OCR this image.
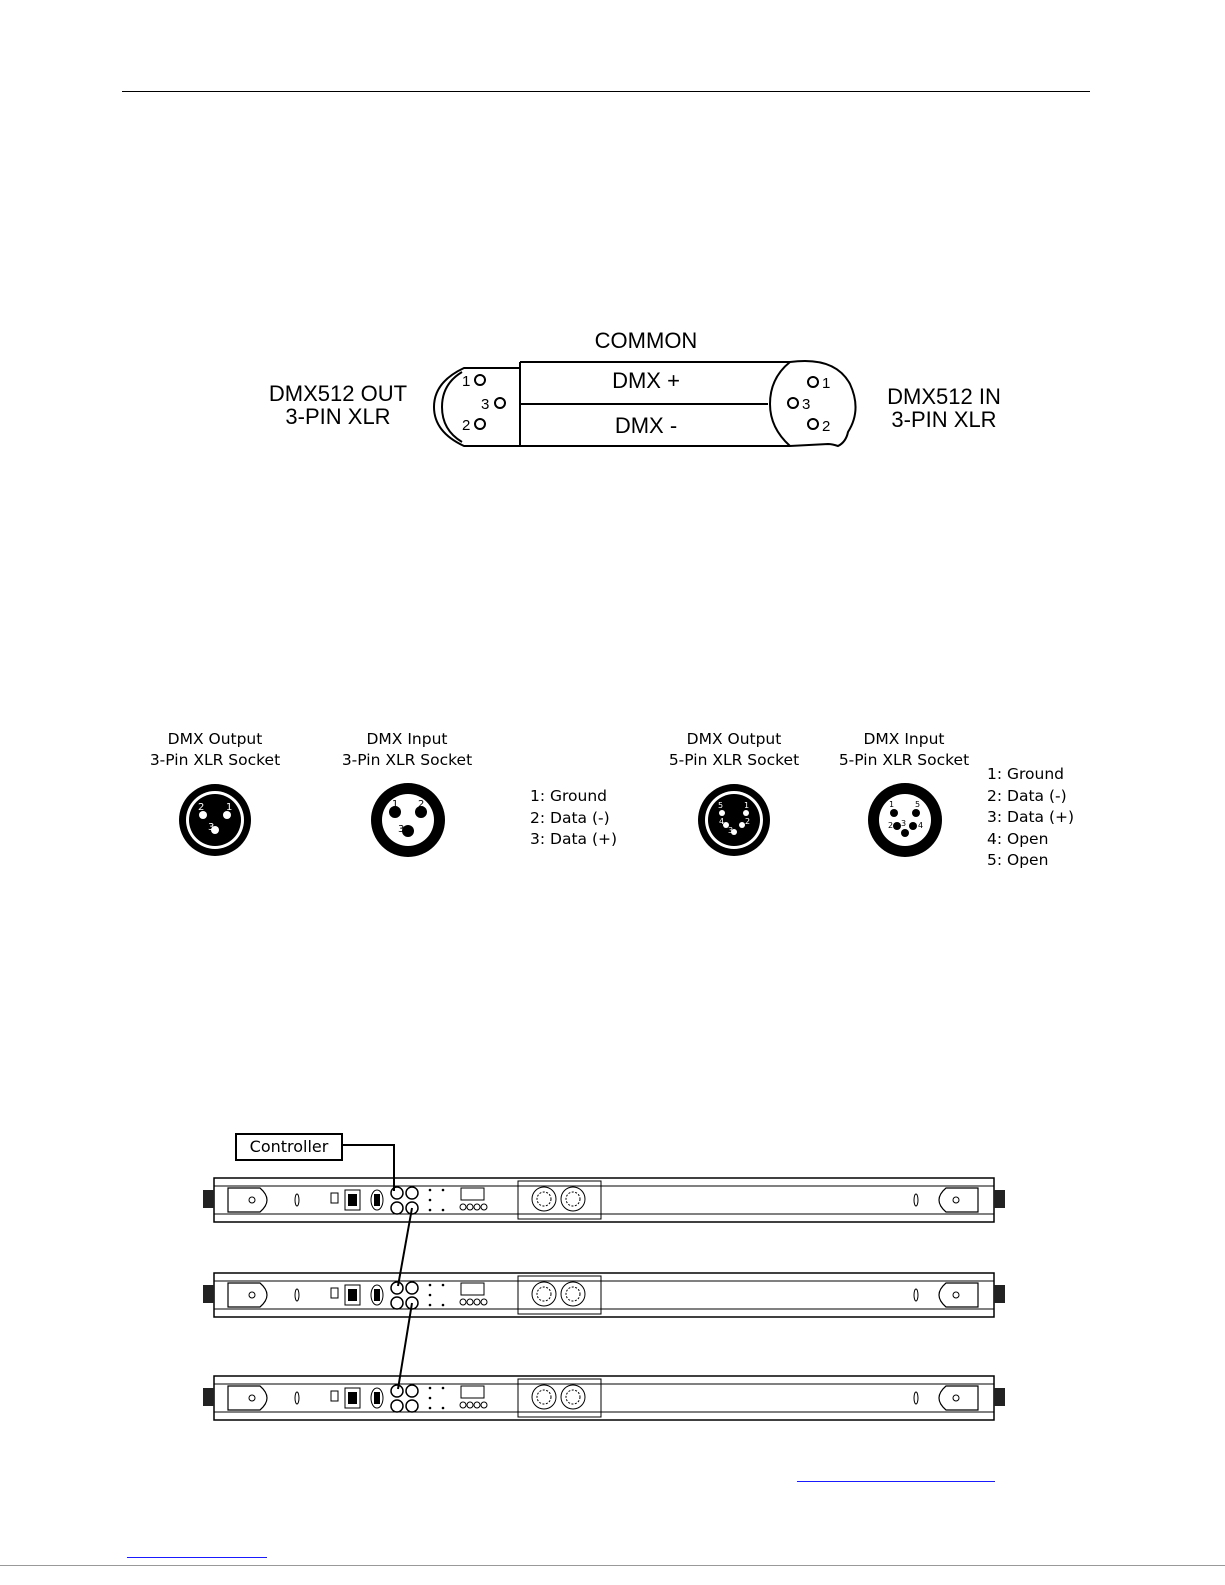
1
3
2
1
3
2
COMMON
DMX +
DMX -
DMX512 OUT
3-PIN XLR
DMX512 IN
3-PIN XLR
DMX Output
3-Pin XLR Socket
2 1
3
DMX Input
3-Pin XLR Socket
1 2
3
1: Ground
2: Data (-)
3: Data (+)
DMX Output
5-Pin XLR Socket
5	1
4	2
3
DMX Input
5-Pin XLR Socket
1	5
2	4
3
1: Ground
2: Data (-)
3: Data (+)
4: Open
5: Open
Controller
